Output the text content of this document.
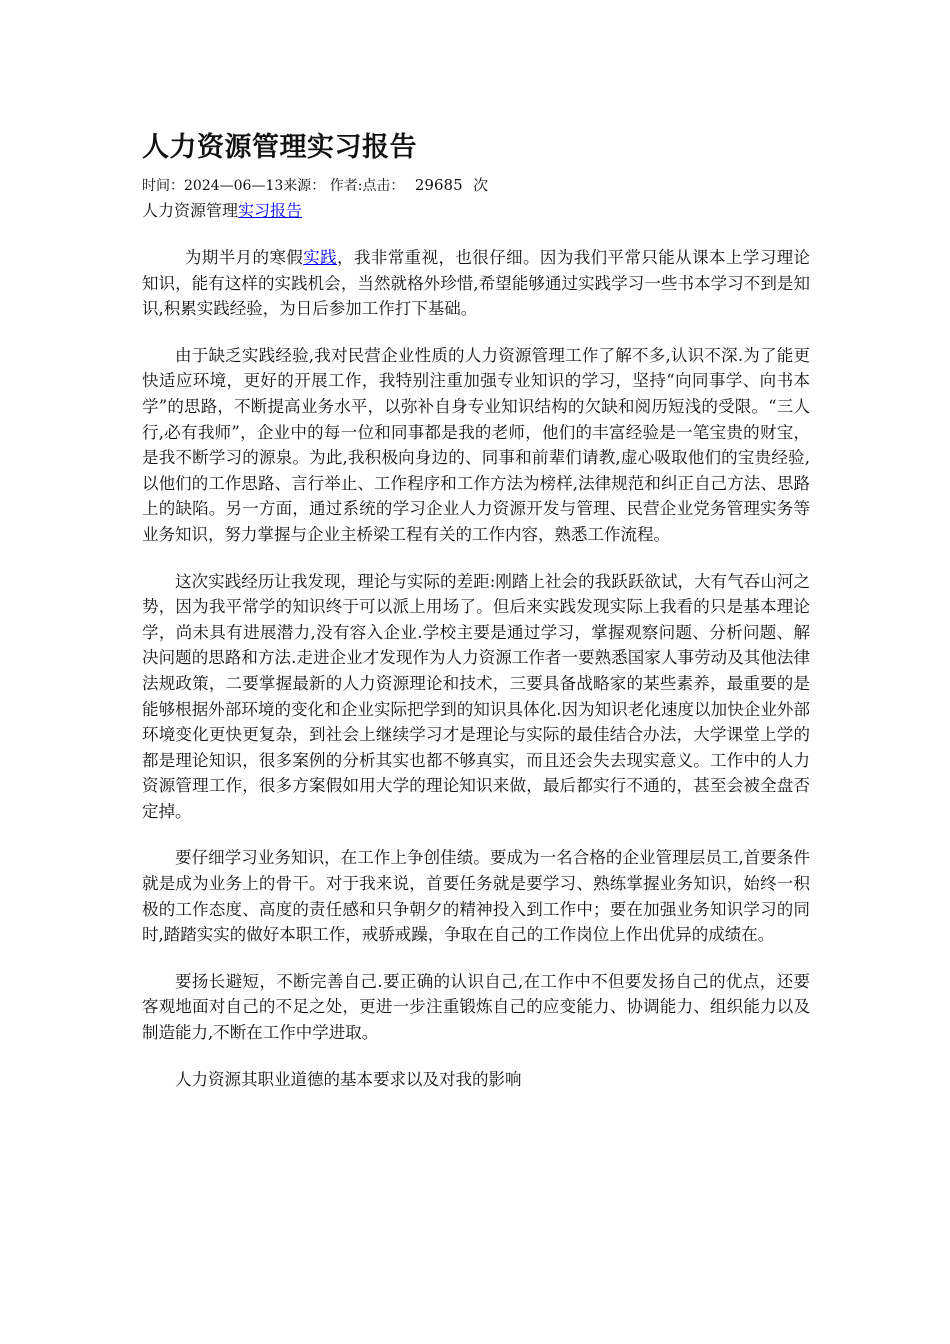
人力资源管理实习报告
时间：2024—06—13来源： 作者:点击： 29685 次
人力资源管理实习报告

为期半月的寒假实践，我非常重视，也很仔细。因为我们平常只能从课本上学习理论知识，能有这样的实践机会，当然就格外珍惜,希望能够通过实践学习一些书本学习不到是知识,积累实践经验，为日后参加工作打下基础。

由于缺乏实践经验,我对民营企业性质的人力资源管理工作了解不多,认识不深.为了能更快适应环境，更好的开展工作，我特别注重加强专业知识的学习，坚持“向同事学、向书本学”的思路，不断提高业务水平，以弥补自身专业知识结构的欠缺和阅历短浅的受限。“三人行,必有我师”，企业中的每一位和同事都是我的老师，他们的丰富经验是一笔宝贵的财宝，是我不断学习的源泉。为此,我积极向身边的、同事和前辈们请教,虚心吸取他们的宝贵经验,以他们的工作思路、言行举止、工作程序和工作方法为榜样,法律规范和纠正自己方法、思路上的缺陷。另一方面，通过系统的学习企业人力资源开发与管理、民营企业党务管理实务等业务知识，努力掌握与企业主桥梁工程有关的工作内容，熟悉工作流程。

这次实践经历让我发现，理论与实际的差距:刚踏上社会的我跃跃欲试，大有气吞山河之势，因为我平常学的知识终于可以派上用场了。但后来实践发现实际上我看的只是基本理论学，尚未具有进展潜力,没有容入企业.学校主要是通过学习，掌握观察问题、分析问题、解决问题的思路和方法.走进企业才发现作为人力资源工作者一要熟悉国家人事劳动及其他法律法规政策，二要掌握最新的人力资源理论和技术，三要具备战略家的某些素养，最重要的是能够根据外部环境的变化和企业实际把学到的知识具体化.因为知识老化速度以加快企业外部环境变化更快更复杂，到社会上继续学习才是理论与实际的最佳结合办法，大学课堂上学的都是理论知识，很多案例的分析其实也都不够真实，而且还会失去现实意义。工作中的人力资源管理工作，很多方案假如用大学的理论知识来做，最后都实行不通的，甚至会被全盘否定掉。

要仔细学习业务知识，在工作上争创佳绩。要成为一名合格的企业管理层员工,首要条件就是成为业务上的骨干。对于我来说，首要任务就是要学习、熟练掌握业务知识，始终一积极的工作态度、高度的责任感和只争朝夕的精神投入到工作中；要在加强业务知识学习的同时,踏踏实实的做好本职工作，戒骄戒躁，争取在自己的工作岗位上作出优异的成绩在。

要扬长避短，不断完善自己.要正确的认识自己,在工作中不但要发扬自己的优点，还要客观地面对自己的不足之处，更进一步注重锻炼自己的应变能力、协调能力、组织能力以及制造能力,不断在工作中学进取。

人力资源其职业道德的基本要求以及对我的影响
